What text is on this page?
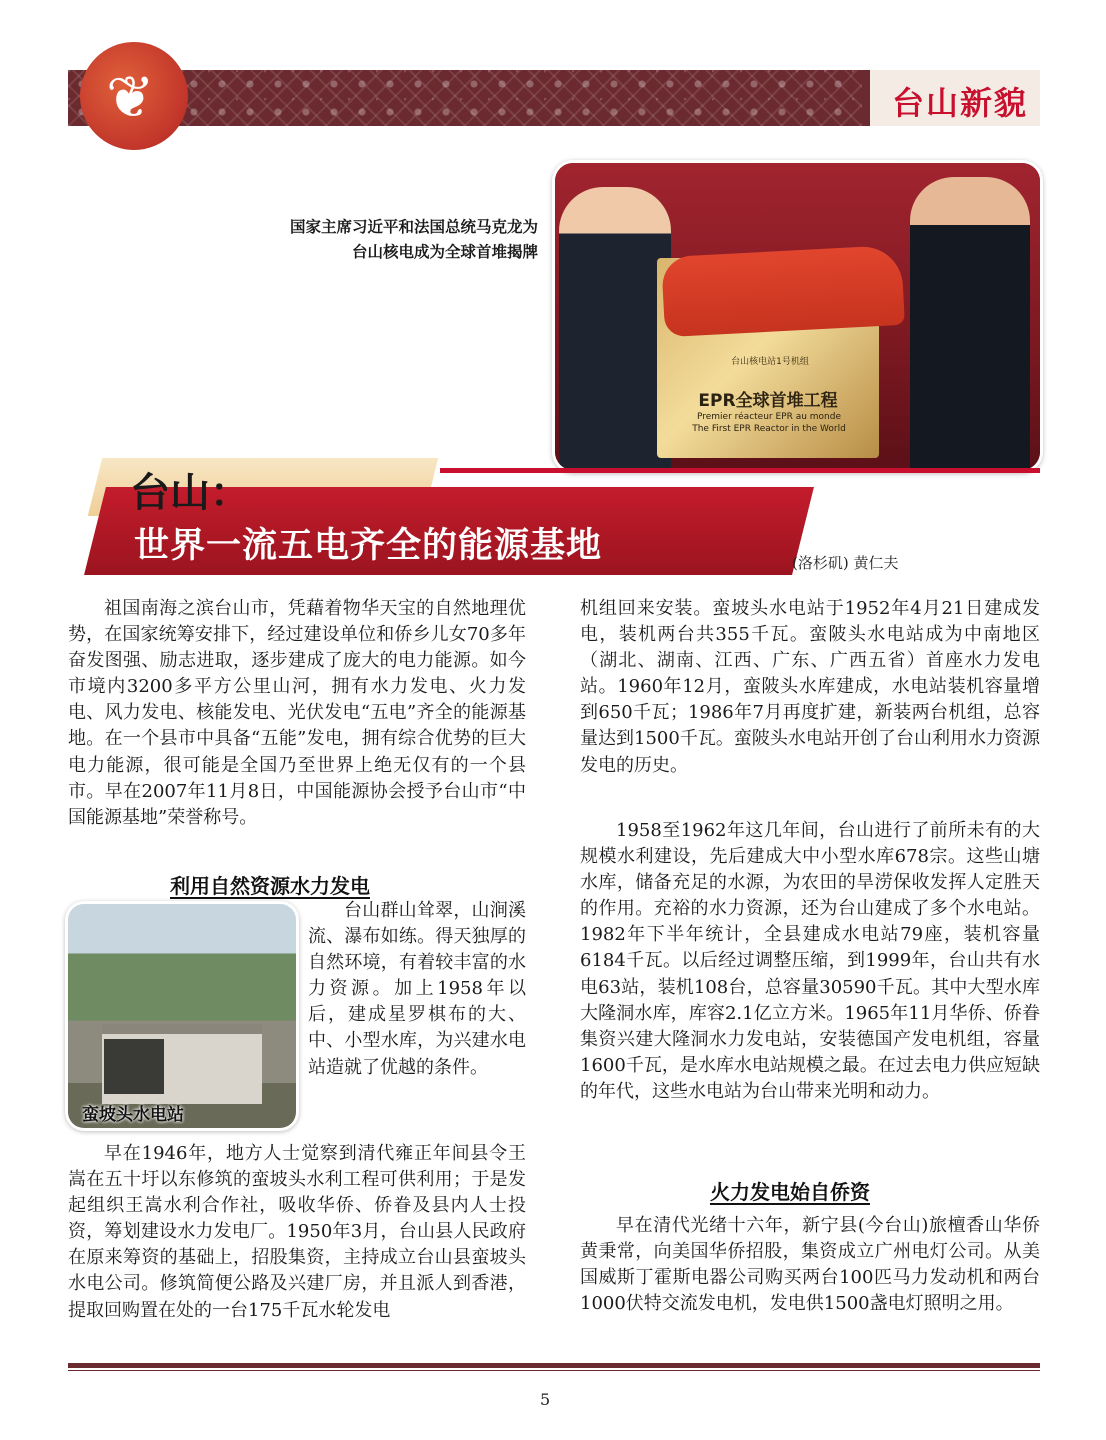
台山新貌
❦
台山核电站1号机组
EPR全球首堆工程
Premier réacteur EPR au monde
The First EPR Reactor in the World
国家主席习近平和法国总统马克龙为
台山核电成为全球首堆揭牌
台山：
世界一流五电齐全的能源基地	(洛杉矶) 黄仁夫

祖国南海之滨台山市，凭藉着物华天宝的自然地理优势，在国家统筹安排下，经过建设单位和侨乡儿女70多年奋发图强、励志进取，逐步建成了庞大的电力能源。如今市境内3200多平方公里山河，拥有水力发电、火力发电、风力发电、核能发电、光伏发电“五电”齐全的能源基地。在一个县市中具备“五能”发电，拥有综合优势的巨大电力能源，很可能是全国乃至世界上绝无仅有的一个县市。早在2007年11月8日，中国能源协会授予台山市“中国能源基地”荣誉称号。

利用自然资源水力发电
蛮坡头水电站

台山群山耸翠，山涧溪流、瀑布如练。得天独厚的自然环境，有着较丰富的水力资源。加上1958年以后，建成星罗棋布的大、中、小型水库，为兴建水电站造就了优越的条件。

早在1946年，地方人士觉察到清代雍正年间县令王嵩在五十圩以东修筑的蛮坡头水利工程可供利用；于是发起组织王嵩水利合作社，吸收华侨、侨眷及县内人士投资，筹划建设水力发电厂。1950年3月，台山县人民政府在原来筹资的基础上，招股集资，主持成立台山县蛮坡头水电公司。修筑简便公路及兴建厂房，并且派人到香港，提取回购置在处的一台175千瓦水轮发电

机组回来安装。蛮坡头水电站于1952年4月21日建成发电，装机两台共355千瓦。蛮陂头水电站成为中南地区（湖北、湖南、江西、广东、广西五省）首座水力发电站。1960年12月，蛮陂头水库建成，水电站装机容量增到650千瓦；1986年7月再度扩建，新装两台机组，总容量达到1500千瓦。蛮陂头水电站开创了台山利用水力资源发电的历史。

1958至1962年这几年间，台山进行了前所未有的大规模水利建设，先后建成大中小型水库678宗。这些山塘水库，储备充足的水源，为农田的旱涝保收发挥人定胜天的作用。充裕的水力资源，还为台山建成了多个水电站。1982年下半年统计，全县建成水电站79座，装机容量6184千瓦。以后经过调整压缩，到1999年，台山共有水电63站，装机108台，总容量30590千瓦。其中大型水库大隆洞水库，库容2.1亿立方米。1965年11月华侨、侨眷集资兴建大隆洞水力发电站，安装德国产发电机组，容量1600千瓦，是水库水电站规模之最。在过去电力供应短缺的年代，这些水电站为台山带来光明和动力。

火力发电始自侨资

早在清代光绪十六年，新宁县(今台山)旅檀香山华侨黄秉常，向美国华侨招股，集资成立广州电灯公司。从美国威斯丁霍斯电器公司购买两台100匹马力发动机和两台1000伏特交流发电机，发电供1500盏电灯照明之用。

5
